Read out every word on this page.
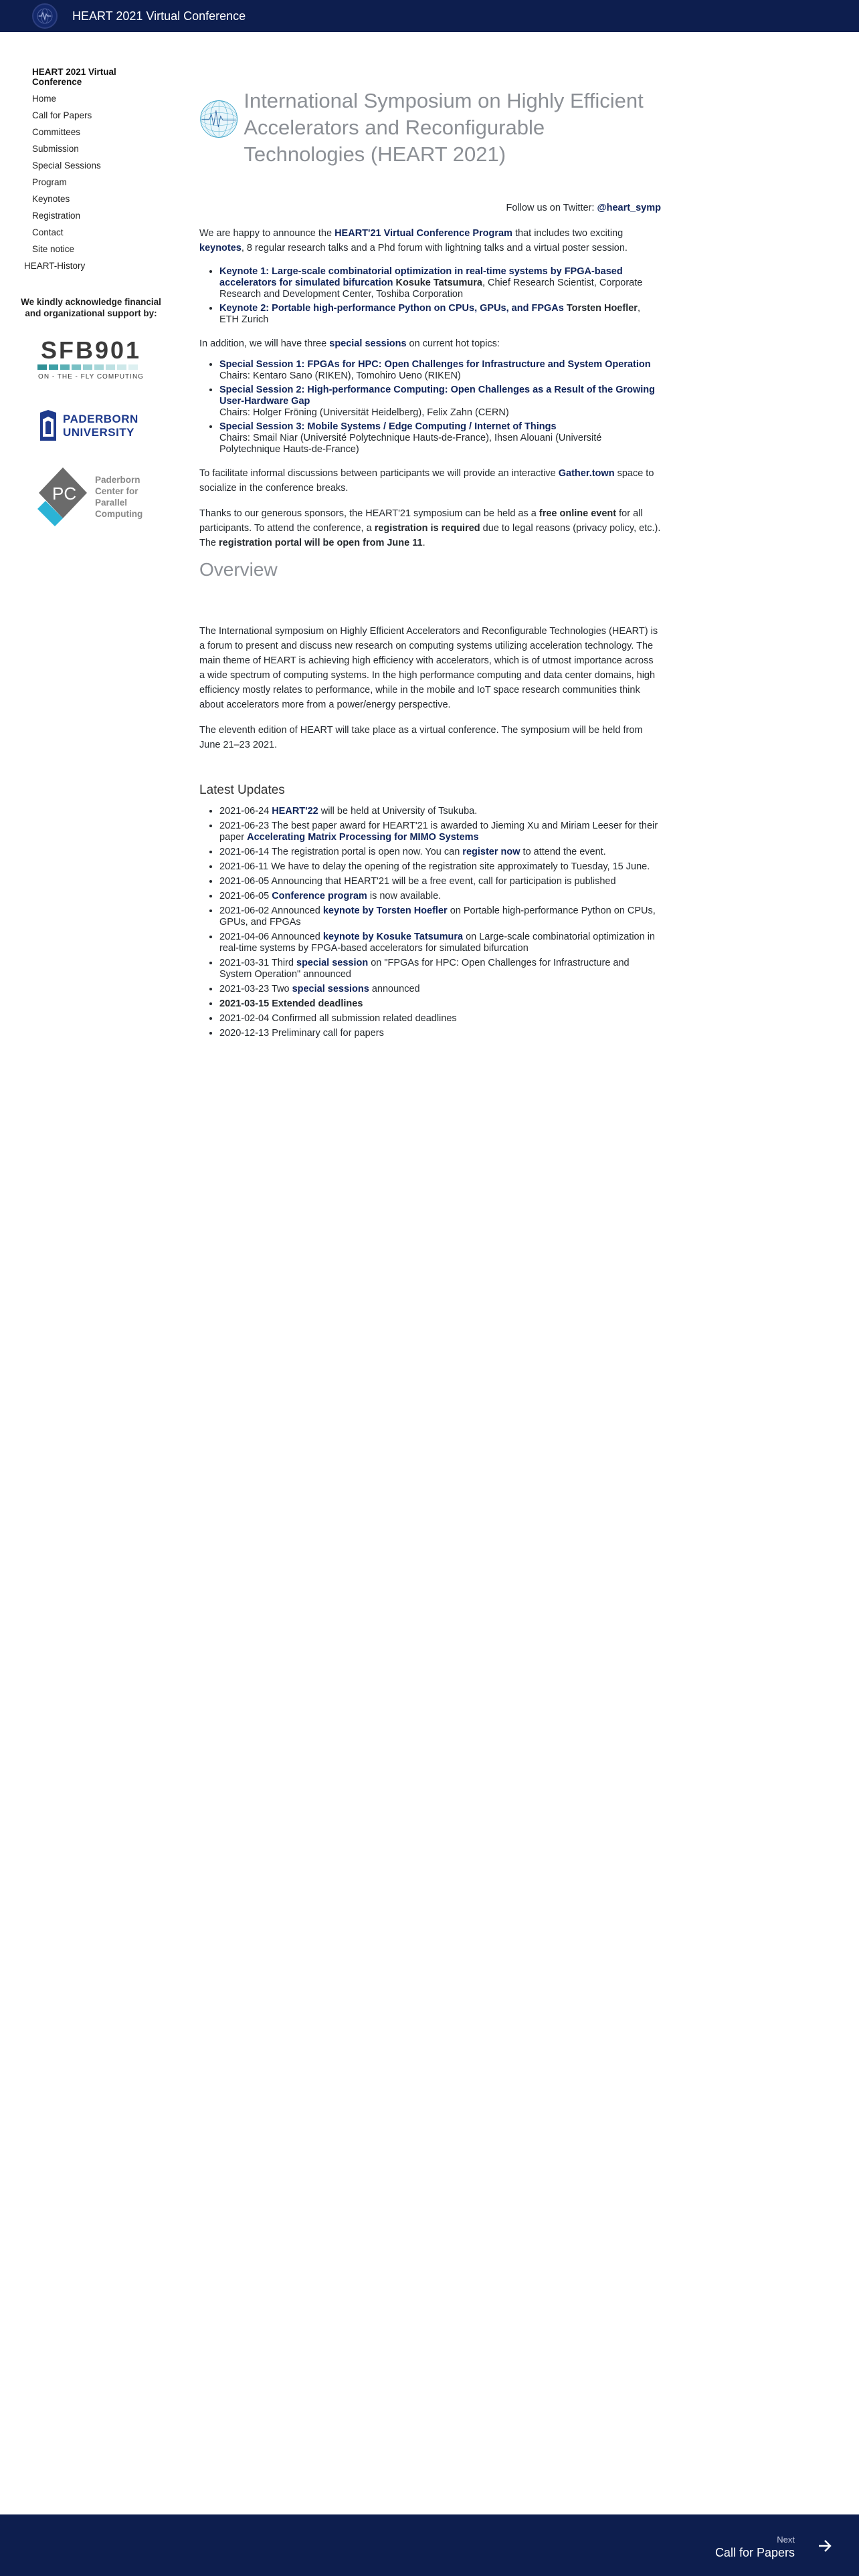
HEART 2021 Virtual Conference
HEART 2021 Virtual Conference
Home
Call for Papers
Committees
Submission
Special Sessions
Program
Keynotes
Registration
Contact
Site notice
HEART-History
We kindly acknowledge financial and organizational support by:
SFB901
ON - THE - FLY COMPUTING
PADERBORN
UNIVERSITY
PC
Paderborn
Center for
Parallel
Computing
International Symposium on Highly Efficient Accelerators and Reconfigurable Technologies (HEART 2021)
Follow us on Twitter: @heart_symp

We are happy to announce the HEART'21 Virtual Conference Program that includes two exciting keynotes, 8 regular research talks and a Phd forum with lightning talks and a virtual poster session.

• Keynote 1: Large-scale combinatorial optimization in real-time systems by FPGA-based accelerators for simulated bifurcation Kosuke Tatsumura, Chief Research Scientist, Corporate Research and Development Center, Toshiba Corporation
• Keynote 2: Portable high-performance Python on CPUs, GPUs, and FPGAs Torsten Hoefler, ETH Zurich

In addition, we will have three special sessions on current hot topics:

• Special Session 1: FPGAs for HPC: Open Challenges for Infrastructure and System Operation
Chairs: Kentaro Sano (RIKEN), Tomohiro Ueno (RIKEN)
• Special Session 2: High-performance Computing: Open Challenges as a Result of the Growing User-Hardware Gap
Chairs: Holger Fröning (Universität Heidelberg), Felix Zahn (CERN)
• Special Session 3: Mobile Systems / Edge Computing / Internet of Things
Chairs: Smail Niar (Université Polytechnique Hauts-de-France), Ihsen Alouani (Université Polytechnique Hauts-de-France)

To facilitate informal discussions between participants we will provide an interactive Gather.town space to socialize in the conference breaks.

Thanks to our generous sponsors, the HEART'21 symposium can be held as a free online event for all participants. To attend the conference, a registration is required due to legal reasons (privacy policy, etc.). The registration portal will be open from June 11.

Overview

The International symposium on Highly Efficient Accelerators and Reconfigurable Technologies (HEART) is a forum to present and discuss new research on computing systems utilizing acceleration technology. The main theme of HEART is achieving high efficiency with accelerators, which is of utmost importance across a wide spectrum of computing systems. In the high performance computing and data center domains, high efficiency mostly relates to performance, while in the mobile and IoT space research communities think about accelerators more from a power/energy perspective.

The eleventh edition of HEART will take place as a virtual conference. The symposium will be held from June 21–23 2021.

Latest Updates
• 2021-06-24 HEART'22 will be held at University of Tsukuba.
• 2021-06-23 The best paper award for HEART'21 is awarded to Jieming Xu and Miriam Leeser for their paper Accelerating Matrix Processing for MIMO Systems
• 2021-06-14 The registration portal is open now. You can register now to attend the event.
• 2021-06-11 We have to delay the opening of the registration site approximately to Tuesday, 15 June.
• 2021-06-05 Announcing that HEART'21 will be a free event, call for participation is published
• 2021-06-05 Conference program is now available.
• 2021-06-02 Announced keynote by Torsten Hoefler on Portable high-performance Python on CPUs, GPUs, and FPGAs
• 2021-04-06 Announced keynote by Kosuke Tatsumura on Large-scale combinatorial optimization in real-time systems by FPGA-based accelerators for simulated bifurcation
• 2021-03-31 Third special session on "FPGAs for HPC: Open Challenges for Infrastructure and System Operation" announced
• 2021-03-23 Two special sessions announced
• 2021-03-15 Extended deadlines
• 2021-02-04 Confirmed all submission related deadlines
• 2020-12-13 Preliminary call for papers
Next
Call for Papers
